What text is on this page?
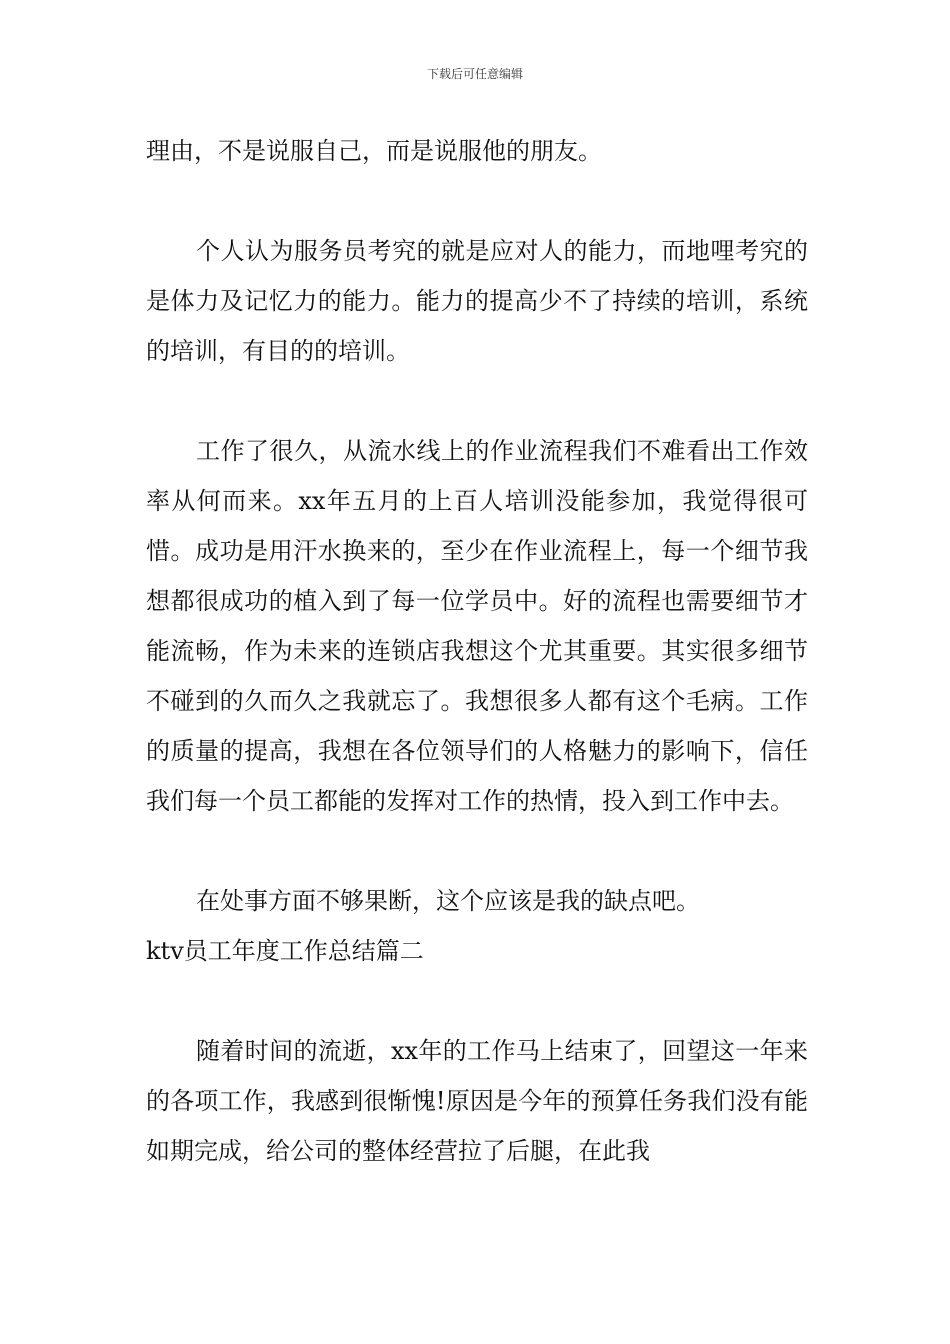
下载后可任意编辑

理由，不是说服自己，而是说服他的朋友。

个人认为服务员考究的就是应对人的能力，而地哩考究的是体力及记忆力的能力。能力的提高少不了持续的培训，系统的培训，有目的的培训。

工作了很久，从流水线上的作业流程我们不难看出工作效率从何而来。xx年五月的上百人培训没能参加，我觉得很可惜。成功是用汗水换来的，至少在作业流程上，每一个细节我想都很成功的植入到了每一位学员中。好的流程也需要细节才能流畅，作为未来的连锁店我想这个尤其重要。其实很多细节不碰到的久而久之我就忘了。我想很多人都有这个毛病。工作的质量的提高，我想在各位领导们的人格魅力的影响下，信任我们每一个员工都能的发挥对工作的热情，投入到工作中去。

在处事方面不够果断，这个应该是我的缺点吧。

ktv员工年度工作总结篇二

随着时间的流逝，xx年的工作马上结束了，回望这一年来的各项工作，我感到很惭愧!原因是今年的预算任务我们没有能如期完成，给公司的整体经营拉了后腿，在此我
